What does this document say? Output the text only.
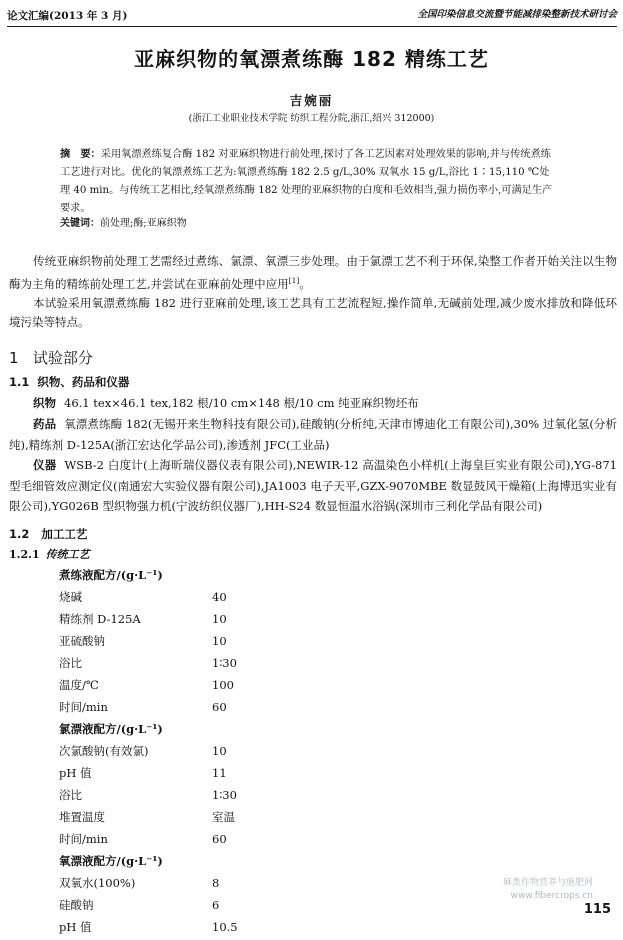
论文汇编(2013 年 3 月)	全国印染信息交流暨节能减排染整新技术研讨会
亚麻织物的氧漂煮练酶 182 精练工艺
吉婉丽
(浙江工业职业技术学院 纺织工程分院,浙江,绍兴 312000)
摘　要：采用氧漂煮练复合酶 182 对亚麻织物进行前处理,探讨了各工艺因素对处理效果的影响,并与传统煮练工艺进行对比。优化的氧漂煮练工艺为:氧漂煮练酶 182 2.5 g/L,30% 双氧水 15 g/L,浴比 1∶15,110 ℃处理 40 min。与传统工艺相比,经氧漂煮练酶 182 处理的亚麻织物的白度和毛效相当,强力损伤率小,可满足生产要求。
关键词：前处理;酶;亚麻织物
传统亚麻织物前处理工艺需经过煮练、氯漂、氧漂三步处理。由于氯漂工艺不利于环保,染整工作者开始关注以生物酶为主角的精练前处理工艺,并尝试在亚麻前处理中应用[1]。
本试验采用氧漂煮练酶 182 进行亚麻前处理,该工艺具有工艺流程短,操作简单,无碱前处理,减少废水排放和降低环境污染等特点。
1 试验部分
1.1 织物、药品和仪器
织物 46.1 tex×46.1 tex,182 根/10 cm×148 根/10 cm 纯亚麻织物坯布
药品 氧漂煮练酶 182(无锡开来生物科技有限公司),硅酸钠(分析纯,天津市博迪化工有限公司),30% 过氧化氢(分析纯),精练剂 D-125A(浙江宏达化学品公司),渗透剂 JFC(工业品)
仪器 WSB-2 白度计(上海昕瑞仪器仪表有限公司),NEWIR-12 高温染色小样机(上海皇巨实业有限公司),YG-871 型毛细管效应测定仪(南通宏大实验仪器有限公司),JA1003 电子天平,GZX-9070MBE 数显鼓风干燥箱(上海博迅实业有限公司),YG026B 型织物强力机(宁波纺织仪器厂),HH-S24 数显恒温水浴锅(深圳市三利化学品有限公司)
1.2 加工工艺
1.2.1 传统工艺
煮练液配方/(g·L⁻¹)
烧碱	40
精练剂 D-125A	10
亚硫酸钠	10
浴比	1∶30
温度/℃	100
时间/min	60
氯漂液配方/(g·L⁻¹)
次氯酸钠(有效氯)	10
pH 值	11
浴比	1∶30
堆置温度	室温
时间/min	60
氧漂液配方/(g·L⁻¹)
双氧水(100%)	8
硅酸钠	6
pH 值	10.5
麻类作物营养与施肥网
www.fibercrops.cn
115
